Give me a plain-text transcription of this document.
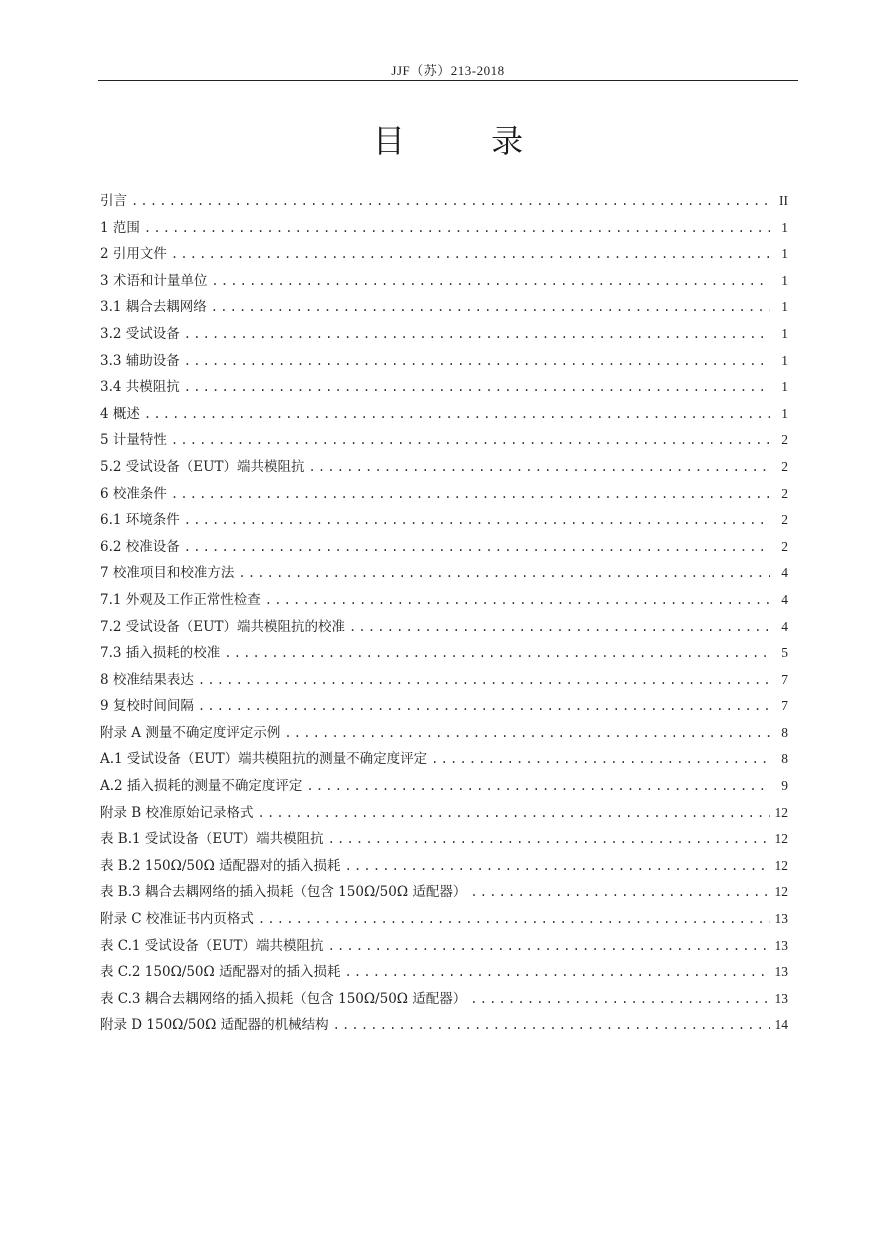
JJF（苏）213-2018
目 录
引言 .....	II
1 范围 .....	1
2 引用文件 .....	1
3 术语和计量单位 .....	1
3.1 耦合去耦网络 .....	1
3.2 受试设备 .....	1
3.3 辅助设备 .....	1
3.4 共模阻抗 .....	1
4 概述 .....	1
5 计量特性 .....	2
5.2 受试设备（EUT）端共模阻抗 .....	2
6 校准条件 .....	2
6.1 环境条件 .....	2
6.2 校准设备 .....	2
7 校准项目和校准方法 .....	4
7.1 外观及工作正常性检查 .....	4
7.2 受试设备（EUT）端共模阻抗的校准 .....	4
7.3 插入损耗的校准 .....	5
8 校准结果表达 .....	7
9 复校时间间隔 .....	7
附录 A 测量不确定度评定示例 .....	8
A.1 受试设备（EUT）端共模阻抗的测量不确定度评定 .....	8
A.2 插入损耗的测量不确定度评定 .....	9
附录 B 校准原始记录格式 .....	12
表 B.1 受试设备（EUT）端共模阻抗 .....	12
表 B.2 150Ω/50Ω 适配器对的插入损耗 .....	12
表 B.3 耦合去耦网络的插入损耗（包含 150Ω/50Ω 适配器） .....	12
附录 C 校准证书内页格式 .....	13
表 C.1 受试设备（EUT）端共模阻抗 .....	13
表 C.2 150Ω/50Ω 适配器对的插入损耗 .....	13
表 C.3 耦合去耦网络的插入损耗（包含 150Ω/50Ω 适配器） .....	13
附录 D 150Ω/50Ω 适配器的机械结构 .....	14
